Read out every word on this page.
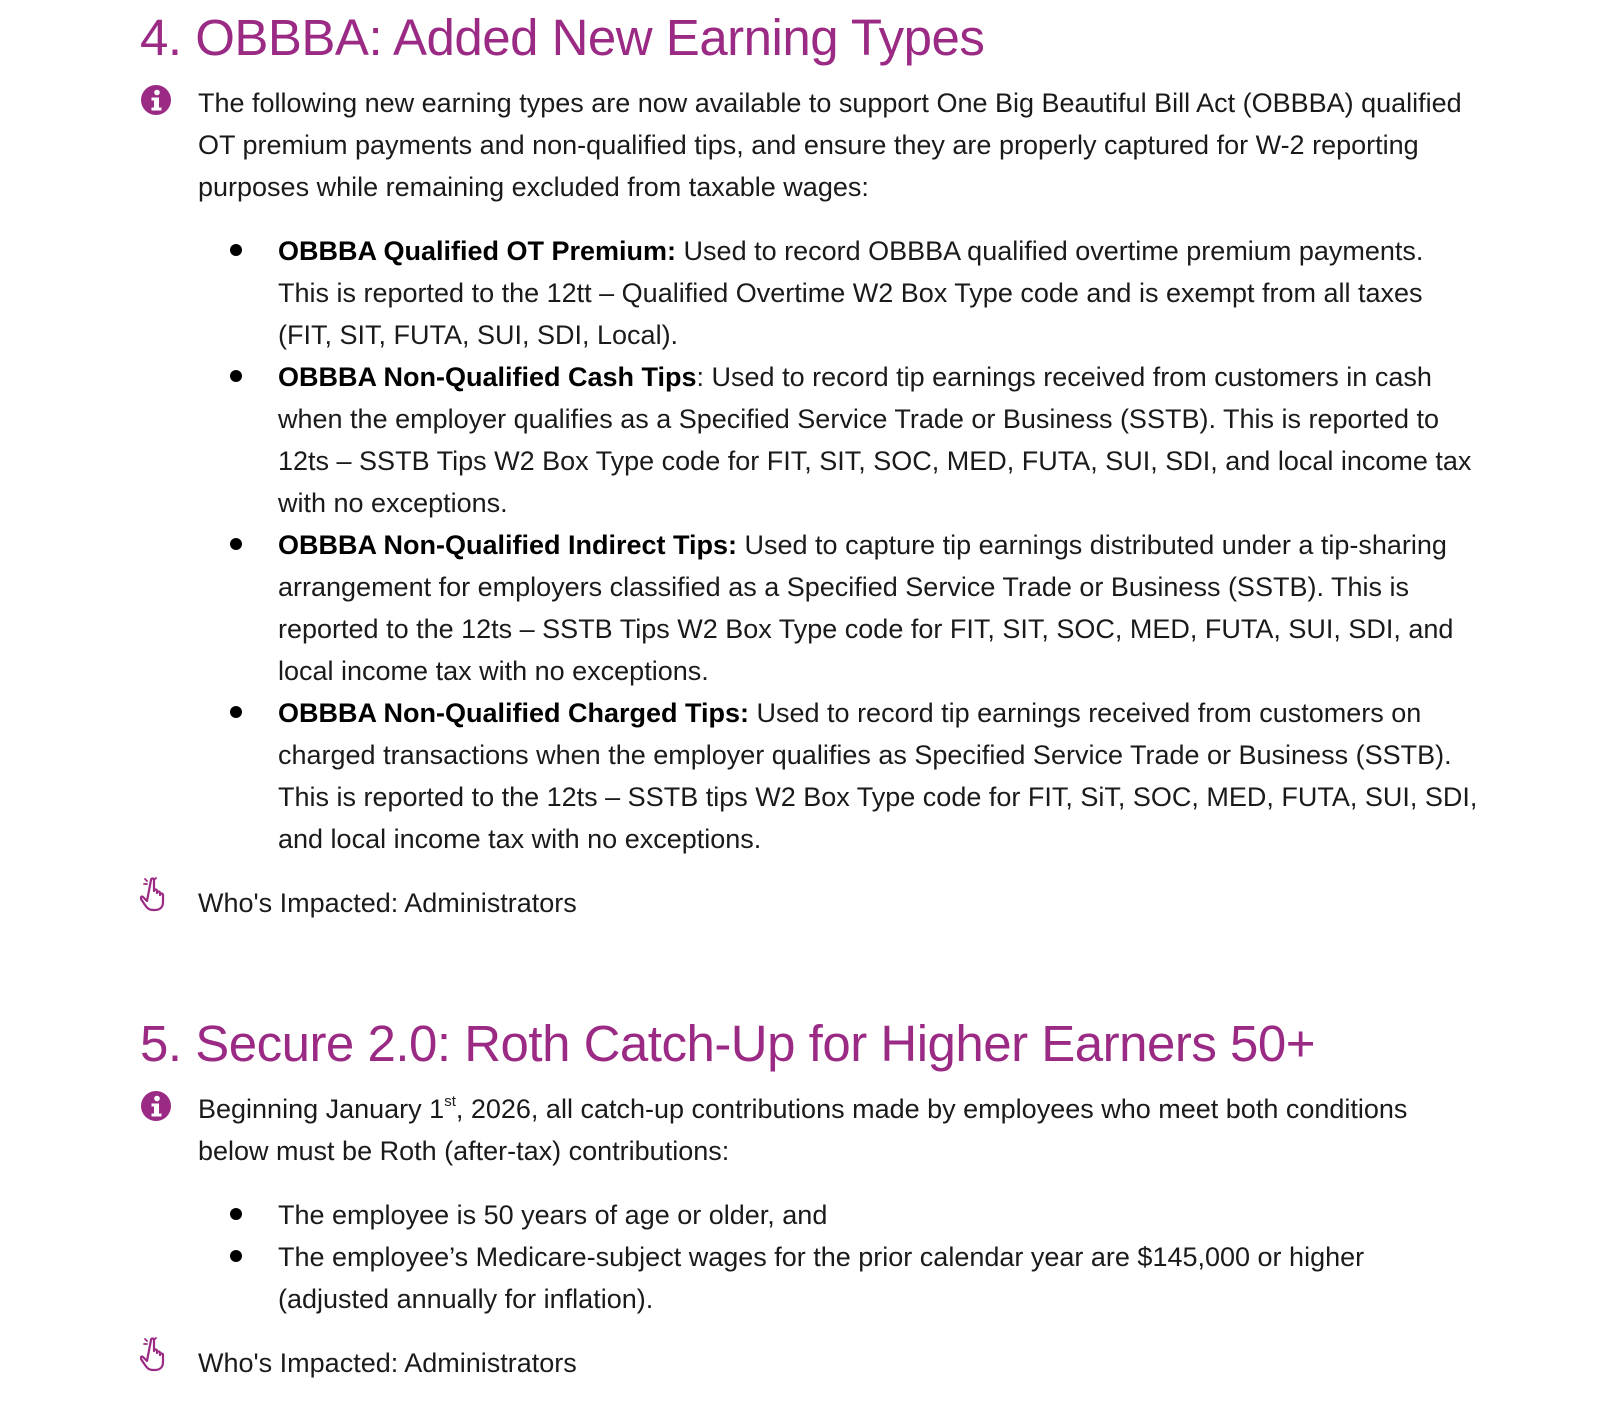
4. OBBBA: Added New Earning Types

The following new earning types are now available to support One Big Beautiful Bill Act (OBBBA) qualified OT premium payments and non-qualified tips, and ensure they are properly captured for W-2 reporting purposes while remaining excluded from taxable wages:

OBBBA Qualified OT Premium: Used to record OBBBA qualified overtime premium payments. This is reported to the 12tt – Qualified Overtime W2 Box Type code and is exempt from all taxes (FIT, SIT, FUTA, SUI, SDI, Local).
OBBBA Non-Qualified Cash Tips: Used to record tip earnings received from customers in cash when the employer qualifies as a Specified Service Trade or Business (SSTB). This is reported to 12ts – SSTB Tips W2 Box Type code for FIT, SIT, SOC, MED, FUTA, SUI, SDI, and local income tax with no exceptions.
OBBBA Non-Qualified Indirect Tips: Used to capture tip earnings distributed under a tip-sharing arrangement for employers classified as a Specified Service Trade or Business (SSTB). This is reported to the 12ts – SSTB Tips W2 Box Type code for FIT, SIT, SOC, MED, FUTA, SUI, SDI, and local income tax with no exceptions.
OBBBA Non-Qualified Charged Tips: Used to record tip earnings received from customers on charged transactions when the employer qualifies as Specified Service Trade or Business (SSTB). This is reported to the 12ts – SSTB tips W2 Box Type code for FIT, SiT, SOC, MED, FUTA, SUI, SDI, and local income tax with no exceptions.
Who's Impacted: Administrators
5. Secure 2.0: Roth Catch-Up for Higher Earners 50+

Beginning January 1st, 2026, all catch-up contributions made by employees who meet both conditions below must be Roth (after-tax) contributions:

The employee is 50 years of age or older, and
The employee’s Medicare-subject wages for the prior calendar year are $145,000 or higher (adjusted annually for inflation).
Who's Impacted: Administrators
